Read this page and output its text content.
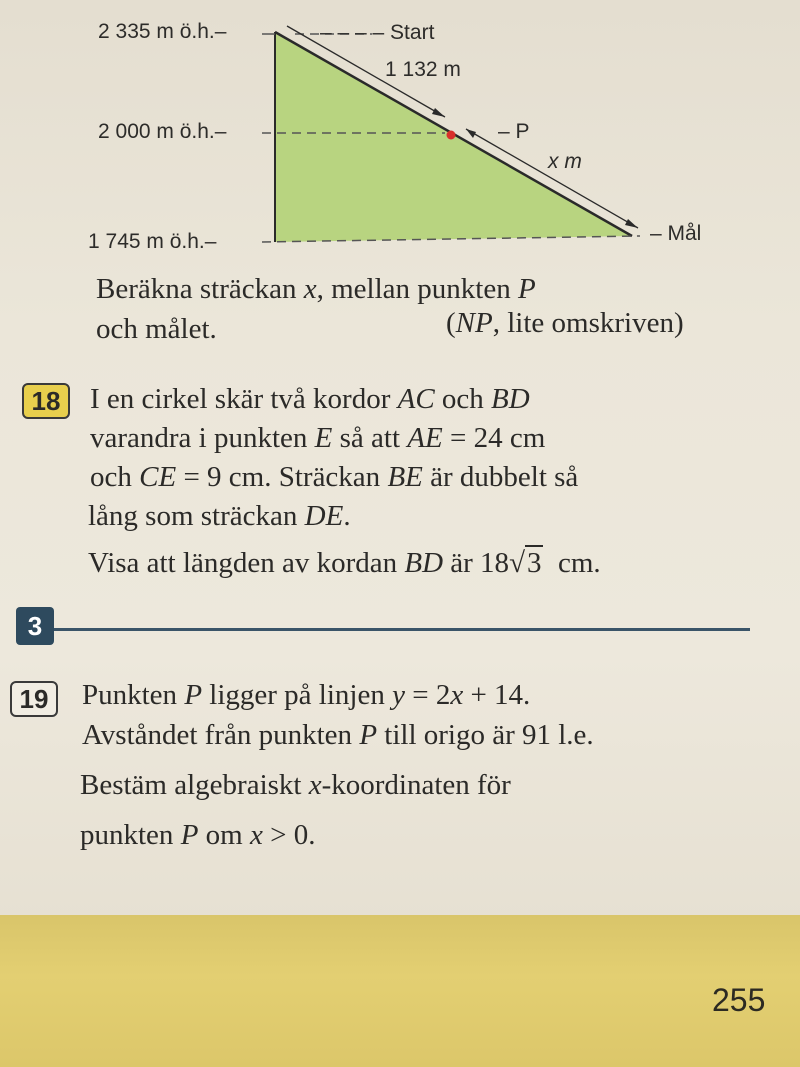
2 335 m ö.h.–
2 000 m ö.h.–
1 745 m ö.h.–
– – – – Start
1 132 m
– P
x m
– Mål
Beräkna sträckan x, mellan punkten P
och målet.	(NP, lite omskriven)
18	I en cirkel skär två kordor AC och BD
varandra i punkten E så att AE = 24 cm
och CE = 9 cm. Sträckan BE är dubbelt så
lång som sträckan DE.
Visa att längden av kordan BD är 18√3  cm.
3
19	Punkten P ligger på linjen y = 2x + 14.
Avståndet från punkten P till origo är 91 l.e.
Bestäm algebraiskt x-koordinaten för
punkten P om x > 0.
255
